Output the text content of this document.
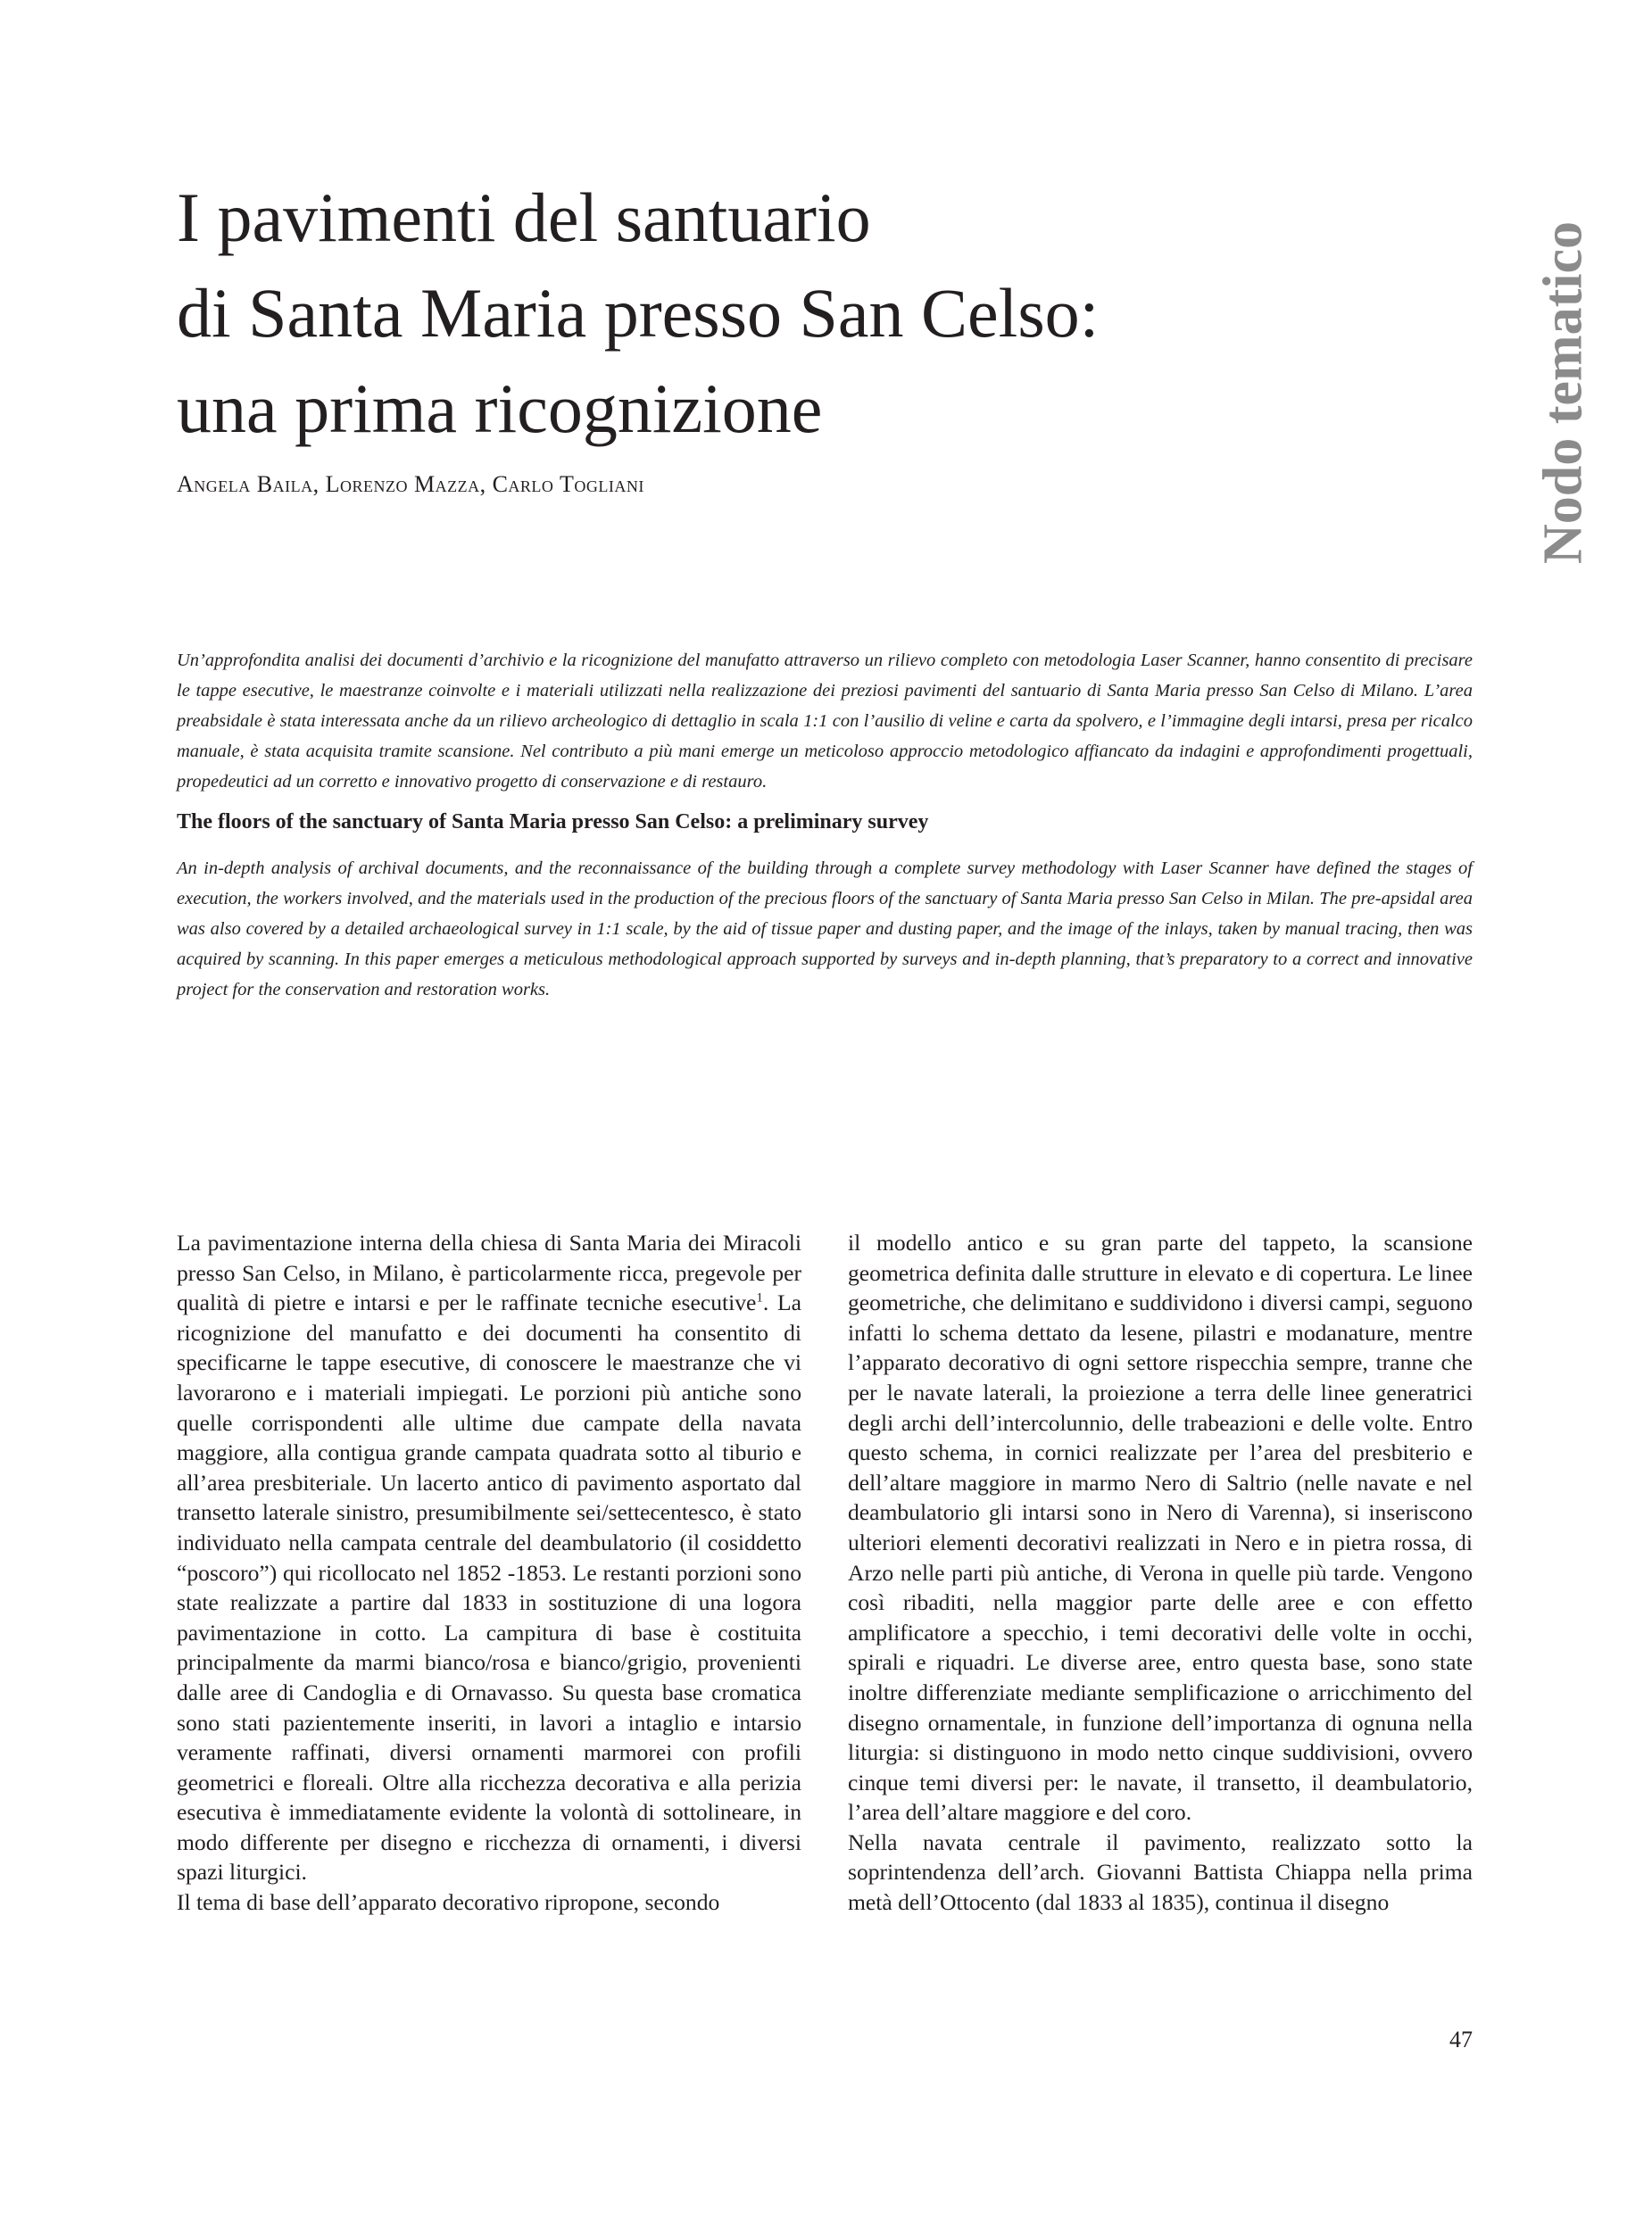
I pavimenti del santuario
di Santa Maria presso San Celso:
una prima ricognizione
Angela Baila, Lorenzo Mazza, Carlo Togliani	Nodo tematico

Un’approfondita analisi dei documenti d’archivio e la ricognizione del manufatto attraverso un rilievo completo con metodologia Laser Scanner, hanno consentito di precisare le tappe esecutive, le maestranze coinvolte e i materiali utilizzati nella realizzazione dei preziosi pavimenti del santuario di Santa Maria presso San Celso di Milano. L’area preabsidale è stata interessata anche da un rilievo archeologico di dettaglio in scala 1:1 con l’ausilio di veline e carta da spolvero, e l’immagine degli intarsi, presa per ricalco manuale, è stata acquisita tramite scansione. Nel contributo a più mani emerge un meticoloso approccio metodologico affiancato da indagini e approfondimenti progettuali, propedeutici ad un corretto e innovativo progetto di conservazione e di restauro.

The floors of the sanctuary of Santa Maria presso San Celso: a preliminary survey

An in-depth analysis of archival documents, and the reconnaissance of the building through a complete survey methodology with Laser Scanner have defined the stages of execution, the workers involved, and the materials used in the production of the precious floors of the sanctuary of Santa Maria presso San Celso in Milan. The pre-apsidal area was also covered by a detailed archaeological survey in 1:1 scale, by the aid of tissue paper and dusting paper, and the image of the inlays, taken by manual tracing, then was acquired by scanning. In this paper emerges a meticulous methodological approach supported by surveys and in-depth planning, that’s preparatory to a correct and innovative project for the conservation and restoration works.

La pavimentazione interna della chiesa di Santa Maria dei Miracoli presso San Celso, in Milano, è particolarmente ricca, pregevole per qualità di pietre e intarsi e per le raffinate tecniche esecutive$^1$. La ricognizione del manufatto e dei documenti ha consentito di specificarne le tappe esecutive, di conoscere le maestranze che vi lavorarono e i materiali impiegati. Le porzioni più antiche sono quelle corrispondenti alle ultime due campate della navata maggiore, alla contigua grande campata quadrata sotto al tiburio e all’area presbiteriale. Un lacerto antico di pavimento asportato dal transetto laterale sinistro, presumibilmente sei/settecentesco, è stato individuato nella campata centrale del deambulatorio (il cosiddetto “poscoro”) qui ricollocato nel 1852 -1853. Le restanti porzioni sono state realizzate a partire dal 1833 in sostituzione di una logora pavimentazione in cotto. La campitura di base è costituita principalmente da marmi bianco/rosa e bianco/grigio, provenienti dalle aree di Candoglia e di Ornavasso. Su questa base cromatica sono stati pazientemente inseriti, in lavori a intaglio e intarsio veramente raffinati, diversi ornamenti marmorei con profili geometrici e floreali. Oltre alla ricchezza decorativa e alla perizia esecutiva è immediatamente evidente la volontà di sottolineare, in modo differente per disegno e ricchezza di ornamenti, i diversi spazi liturgici.

Il tema di base dell’apparato decorativo ripropone, secondo

il modello antico e su gran parte del tappeto, la scansione geometrica definita dalle strutture in elevato e di copertura. Le linee geometriche, che delimitano e suddividono i diversi campi, seguono infatti lo schema dettato da lesene, pilastri e modanature, mentre l’apparato decorativo di ogni settore rispecchia sempre, tranne che per le navate laterali, la proiezione a terra delle linee generatrici degli archi dell’intercolunnio, delle trabeazioni e delle volte. Entro questo schema, in cornici realizzate per l’area del presbiterio e dell’altare maggiore in marmo Nero di Saltrio (nelle navate e nel deambulatorio gli intarsi sono in Nero di Varenna), si inseriscono ulteriori elementi decorativi realizzati in Nero e in pietra rossa, di Arzo nelle parti più antiche, di Verona in quelle più tarde. Vengono così ribaditi, nella maggior parte delle aree e con effetto amplificatore a specchio, i temi decorativi delle volte in occhi, spirali e riquadri. Le diverse aree, entro questa base, sono state inoltre differenziate mediante semplificazione o arricchimento del disegno ornamentale, in funzione dell’importanza di ognuna nella liturgia: si distinguono in modo netto cinque suddivisioni, ovvero cinque temi diversi per: le navate, il transetto, il deambulatorio, l’area dell’altare maggiore e del coro.

Nella navata centrale il pavimento, realizzato sotto la soprintendenza dell’arch. Giovanni Battista Chiappa nella prima metà dell’Ottocento (dal 1833 al 1835), continua il disegno

47
